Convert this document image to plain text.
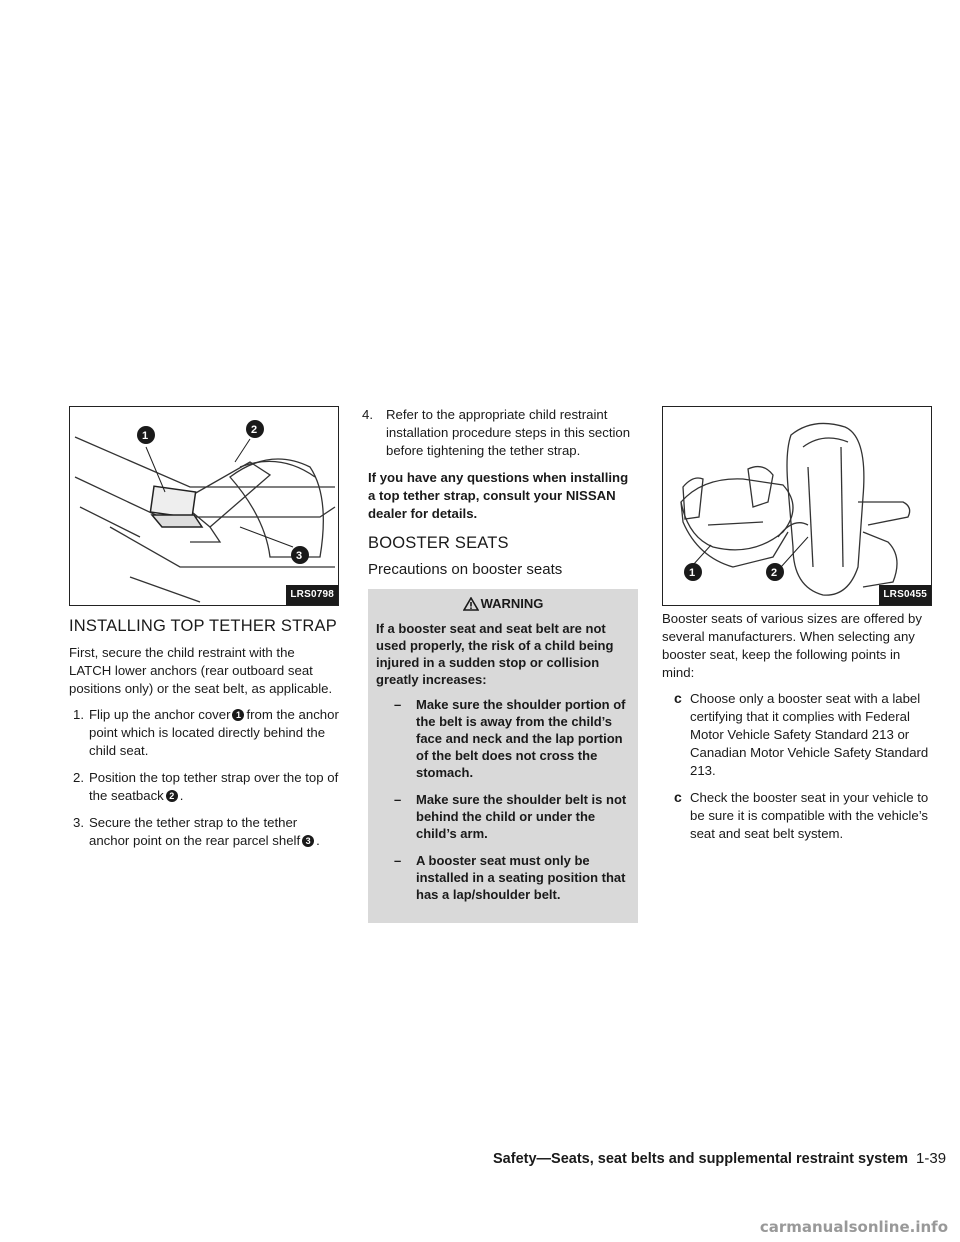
1	2
3
LRS0798
INSTALLING TOP TETHER STRAP

First, secure the child restraint with the LATCH lower anchors (rear outboard seat positions only) or the seat belt, as applicable.

1. Flip up the anchor cover 1 from the anchor point which is located directly behind the child seat.
2. Position the top tether strap over the top of the seatback 2 .
3. Secure the tether strap to the tether anchor point on the rear parcel shelf 3 .
4. Refer to the appropriate child restraint installation procedure steps in this section before tightening the tether strap.

If you have any questions when installing a top tether strap, consult your NISSAN dealer for details.

BOOSTER SEATS
Precautions on booster seats
WARNING
If a booster seat and seat belt are not used properly, the risk of a child being injured in a sudden stop or collision greatly increases:
– Make sure the shoulder portion of the belt is away from the child’s face and neck and the lap portion of the belt does not cross the stomach.
– Make sure the shoulder belt is not behind the child or under the child’s arm.
– A booster seat must only be installed in a seating position that has a lap/shoulder belt.
1	2
LRS0455

Booster seats of various sizes are offered by several manufacturers. When selecting any booster seat, keep the following points in mind:

c Choose only a booster seat with a label certifying that it complies with Federal Motor Vehicle Safety Standard 213 or Canadian Motor Vehicle Safety Standard 213.
c Check the booster seat in your vehicle to be sure it is compatible with the vehicle’s seat and seat belt system.
Safety—Seats, seat belts and supplemental restraint system 1-39
carmanualsonline.info
